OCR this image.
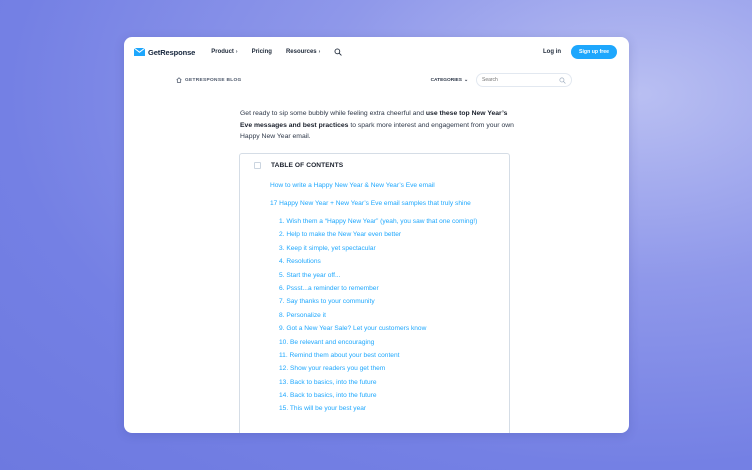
GetResponse	Product › Pricing Resources ›	Log in	Sign up free
GETRESPONSE BLOG	CATEGORIES ⌄
Search

Get ready to sip some bubbly while feeling extra cheerful and use these top New Year’s Eve messages and best practices to spark more interest and engagement from your own Happy New Year email.

TABLE OF CONTENTS
How to write a Happy New Year & New Year’s Eve email
17 Happy New Year + New Year’s Eve email samples that truly shine
1. Wish them a “Happy New Year” (yeah, you saw that one coming!)
2. Help to make the New Year even better
3. Keep it simple, yet spectacular
4. Resolutions
5. Start the year off...
6. Pssst...a reminder to remember
7. Say thanks to your community
8. Personalize it
9. Got a New Year Sale? Let your customers know
10. Be relevant and encouraging
11. Remind them about your best content
12. Show your readers you get them
13. Back to basics, into the future
14. Back to basics, into the future
15. This will be your best year
